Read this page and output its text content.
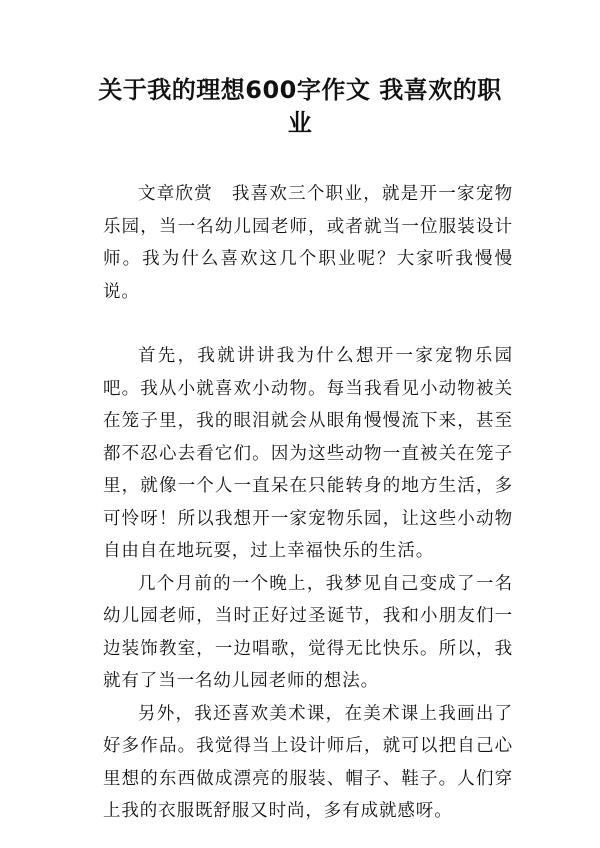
关于我的理想600字作文 我喜欢的职业

文章欣赏　我喜欢三个职业，就是开一家宠物乐园，当一名幼儿园老师，或者就当一位服装设计师。我为什么喜欢这几个职业呢？大家听我慢慢说。

首先，我就讲讲我为什么想开一家宠物乐园吧。我从小就喜欢小动物。每当我看见小动物被关在笼子里，我的眼泪就会从眼角慢慢流下来，甚至都不忍心去看它们。因为这些动物一直被关在笼子里，就像一个人一直呆在只能转身的地方生活，多可怜呀！所以我想开一家宠物乐园，让这些小动物自由自在地玩耍，过上幸福快乐的生活。

几个月前的一个晚上，我梦见自己变成了一名幼儿园老师，当时正好过圣诞节，我和小朋友们一边装饰教室，一边唱歌，觉得无比快乐。所以，我就有了当一名幼儿园老师的想法。

另外，我还喜欢美术课，在美术课上我画出了好多作品。我觉得当上设计师后，就可以把自己心里想的东西做成漂亮的服装、帽子、鞋子。人们穿上我的衣服既舒服又时尚，多有成就感呀。
